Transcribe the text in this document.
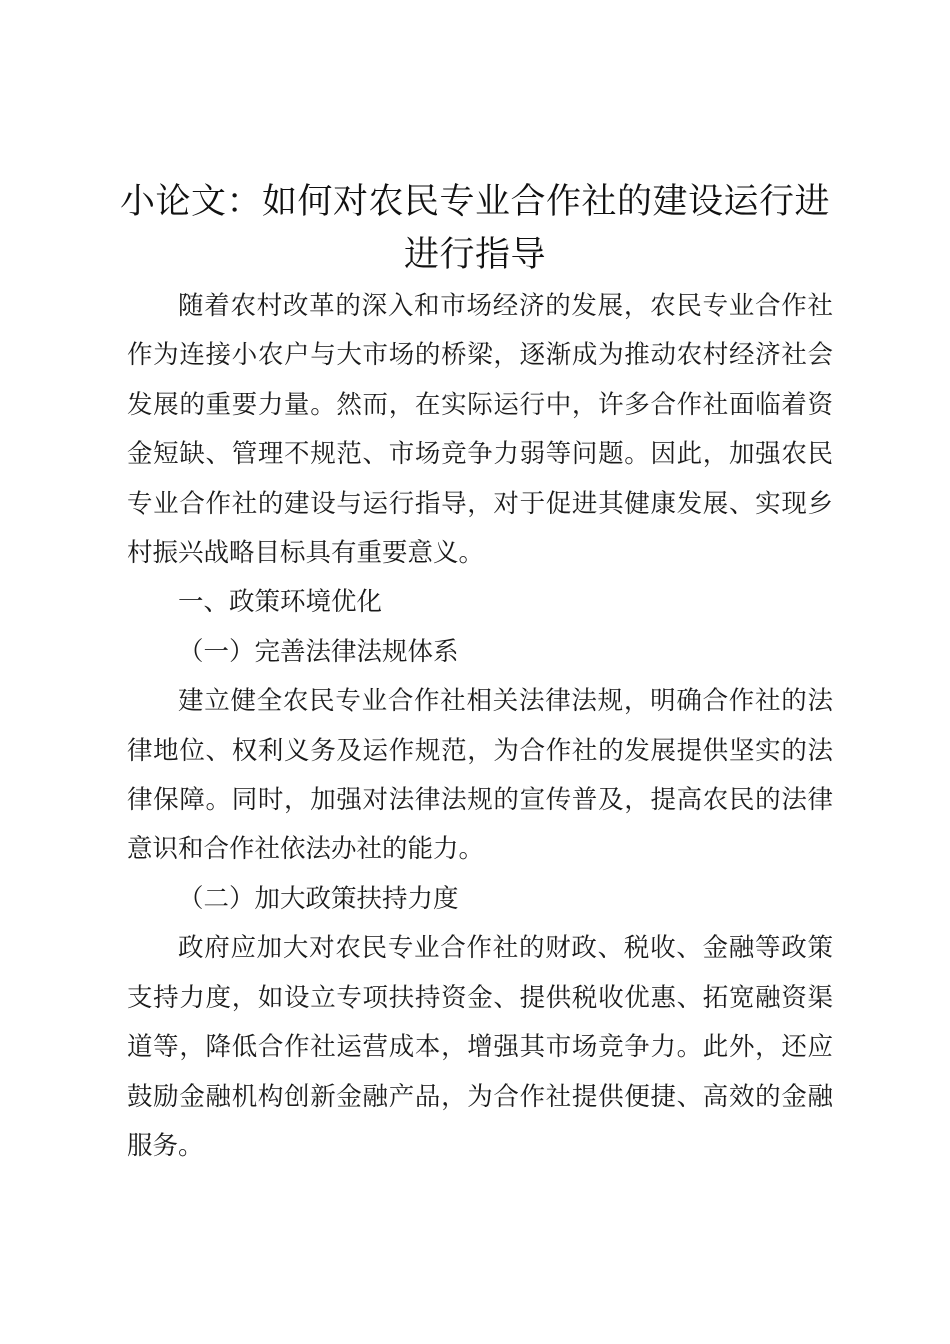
小论文：如何对农民专业合作社的建设运行进进行指导

随着农村改革的深入和市场经济的发展，农民专业合作社作为连接小农户与大市场的桥梁，逐渐成为推动农村经济社会发展的重要力量。然而，在实际运行中，许多合作社面临着资金短缺、管理不规范、市场竞争力弱等问题。因此，加强农民专业合作社的建设与运行指导，对于促进其健康发展、实现乡村振兴战略目标具有重要意义。

一、政策环境优化

（一）完善法律法规体系

建立健全农民专业合作社相关法律法规，明确合作社的法律地位、权利义务及运作规范，为合作社的发展提供坚实的法律保障。同时，加强对法律法规的宣传普及，提高农民的法律意识和合作社依法办社的能力。

（二）加大政策扶持力度

政府应加大对农民专业合作社的财政、税收、金融等政策支持力度，如设立专项扶持资金、提供税收优惠、拓宽融资渠道等，降低合作社运营成本，增强其市场竞争力。此外，还应鼓励金融机构创新金融产品，为合作社提供便捷、高效的金融服务。
